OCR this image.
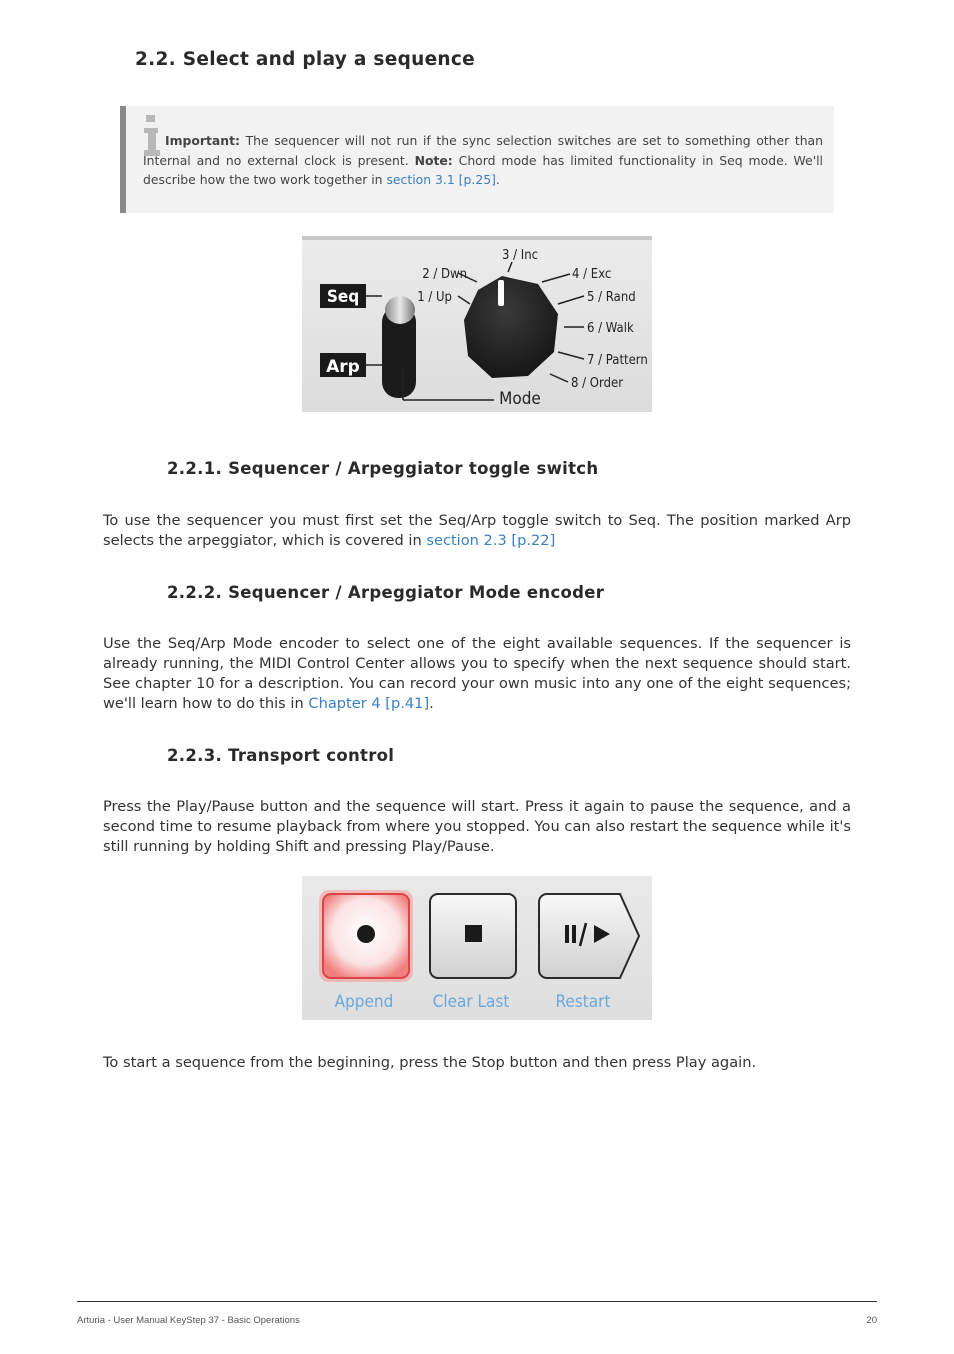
2.2. Select and play a sequence
Important: The sequencer will not run if the sync selection switches are set to something other than Internal and no external clock is present. Note: Chord mode has limited functionality in Seq mode. We'll describe how the two work together in section 3.1 [p.25].
Seq
Arp
1 / Up
2 / Dwn
3 / Inc
4 / Exc
5 / Rand
6 / Walk
7 / Pattern
8 / Order
Mode
2.2.1. Sequencer / Arpeggiator toggle switch

To use the sequencer you must first set the Seq/Arp toggle switch to Seq. The position marked Arp selects the arpeggiator, which is covered in section 2.3 [p.22]

2.2.2. Sequencer / Arpeggiator Mode encoder

Use the Seq/Arp Mode encoder to select one of the eight available sequences. If the sequencer is already running, the MIDI Control Center allows you to specify when the next sequence should start. See chapter 10 for a description. You can record your own music into any one of the eight sequences; we'll learn how to do this in Chapter 4 [p.41].

2.2.3. Transport control

Press the Play/Pause button and the sequence will start. Press it again to pause the sequence, and a second time to resume playback from where you stopped. You can also restart the sequence while it's still running by holding Shift and pressing Play/Pause.

Append Clear Last	Restart

To start a sequence from the beginning, press the Stop button and then press Play again.

Arturia - User Manual KeyStep 37 - Basic Operations	20
